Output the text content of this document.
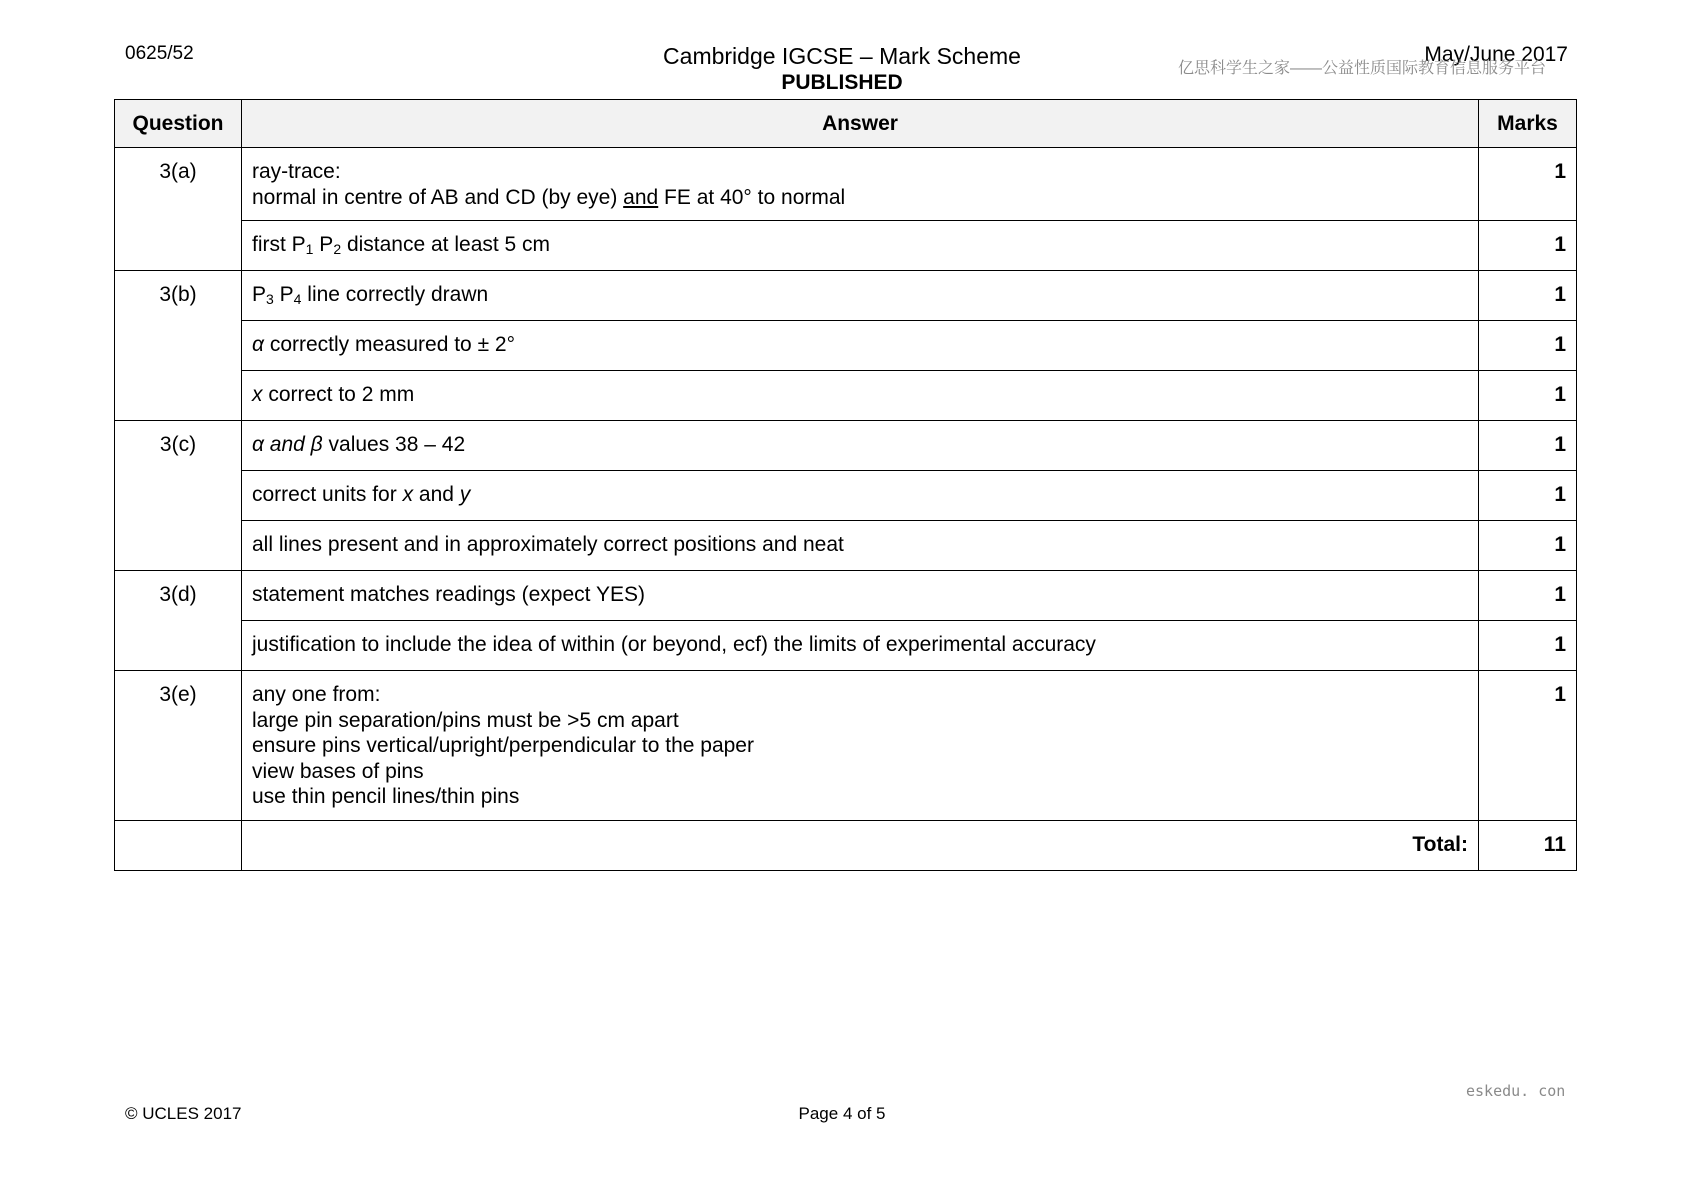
0625/52	Cambridge IGCSE – Mark Scheme
PUBLISHED
May/June 2017
亿思科学生之家——公益性质国际教育信息服务平台
Question	Answer	Marks
3(a)	ray-trace:
normal in centre of AB and CD (by eye) and FE at 40° to normal	1
	first $P_1$ $P_2$ distance at least 5 cm	1
3(b)	$P_3$ $P_4$ line correctly drawn	1
	α correctly measured to ± 2°	1
	x correct to 2 mm	1
3(c)	α and β values 38 – 42	1
	correct units for x and y	1
	all lines present and in approximately correct positions and neat	1
3(d)	statement matches readings (expect YES)	1
	justification to include the idea of within (or beyond, ecf) the limits of experimental accuracy	1
3(e)	any one from:
large pin separation/pins must be >5 cm apart
ensure pins vertical/upright/perpendicular to the paper
view bases of pins
use thin pencil lines/thin pins	1
	Total:	11
eskedu. con
© UCLES 2017	Page 4 of 5
